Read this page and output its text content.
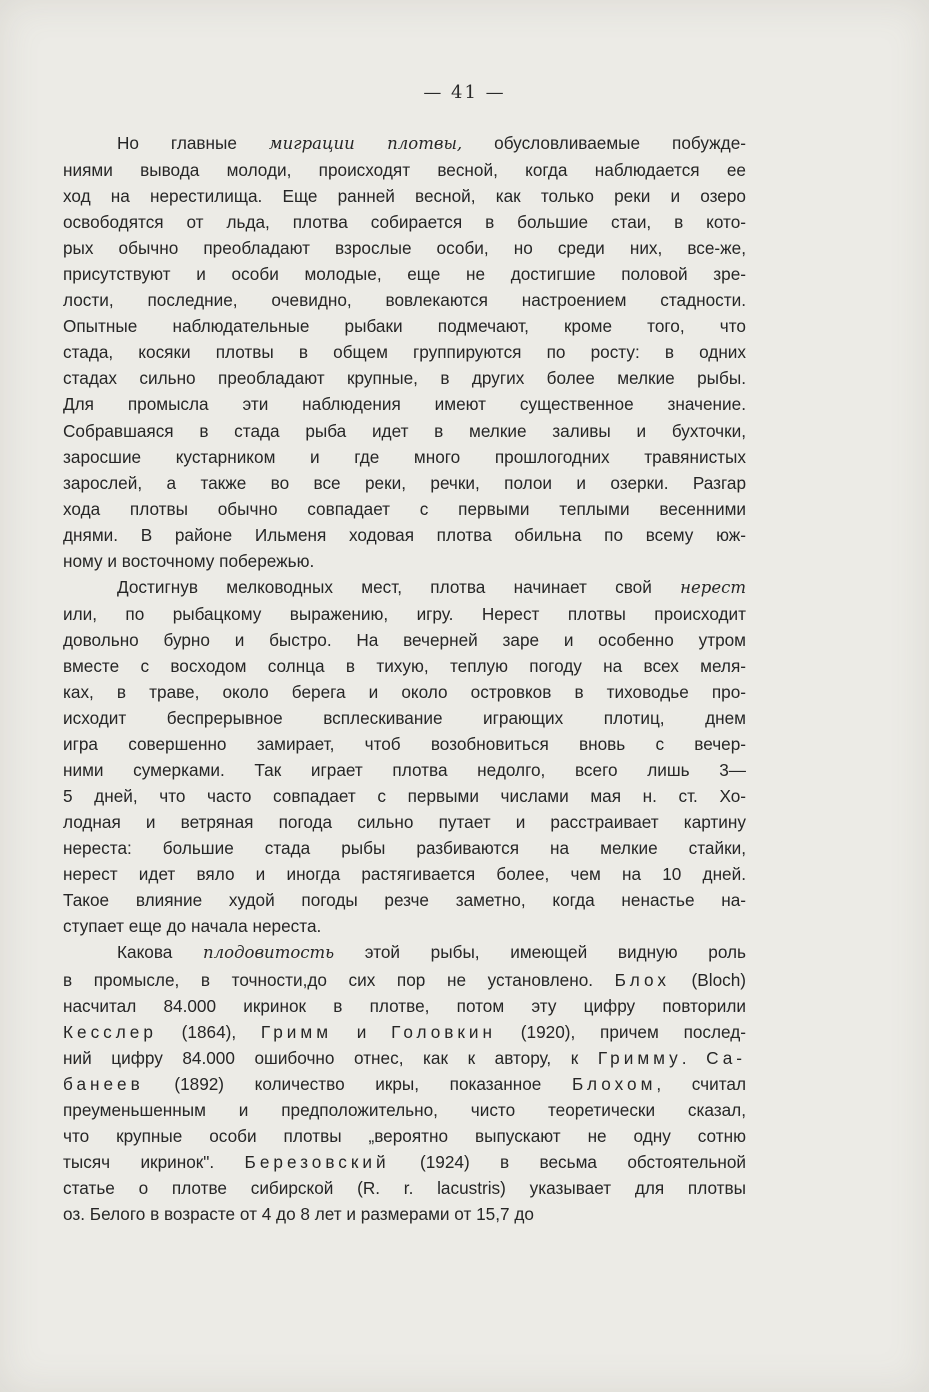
— 41 —

Но главные миграции плотвы, обусловливаемые побужде-
ниями вывода молоди, происходят весной, когда наблюдается ее
ход на нерестилища. Еще ранней весной, как только реки и озеро
освободятся от льда, плотва собирается в большие стаи, в кото-
рых обычно преобладают взрослые особи, но среди них, все-же,
присутствуют и особи молодые, еще не достигшие половой зре-
лости, последние, очевидно, вовлекаются настроением стадности.
Опытные наблюдательные рыбаки подмечают, кроме того, что
стада, косяки плотвы в общем группируются по росту: в одних
стадах сильно преобладают крупные, в других более мелкие рыбы.
Для промысла эти наблюдения имеют существенное значение.
Собравшаяся в стада рыба идет в мелкие заливы и бухточки,
заросшие кустарником и где много прошлогодних травянистых
зарослей, а также во все реки, речки, полои и озерки. Разгар
хода плотвы обычно совпадает с первыми теплыми весенними
днями. В районе Ильменя ходовая плотва обильна по всему юж-
ному и восточному побережью.

Достигнув мелководных мест, плотва начинает свой нерест
или, по рыбацкому выражению, игру. Нерест плотвы происходит
довольно бурно и быстро. На вечерней заре и особенно утром
вместе с восходом солнца в тихую, теплую погоду на всех меля-
ках, в траве, около берега и около островков в тиховодье про-
исходит беспрерывное всплескивание играющих плотиц, днем
игра совершенно замирает, чтоб возобновиться вновь с вечер-
ними сумерками. Так играет плотва недолго, всего лишь 3—
5 дней, что часто совпадает с первыми числами мая н. ст. Хо-
лодная и ветряная погода сильно путает и расстраивает картину
нереста: большие стада рыбы разбиваются на мелкие стайки,
нерест идет вяло и иногда растягивается более, чем на 10 дней.
Такое влияние худой погоды резче заметно, когда ненастье на-
ступает еще до начала нереста.

Какова плодовитость этой рыбы, имеющей видную роль
в промысле, в точности,до сих пор не установлено. Блох (Bloch)
насчитал 84.000 икринок в плотве, потом эту цифру повторили
Кесслер (1864), Гримм и Головкин (1920), причем послед-
ний цифру 84.000 ошибочно отнес, как к автору, к Гримму. Са-
банеев (1892) количество икры, показанное Блохом, считал
преуменьшенным и предположительно, чисто теоретически сказал,
что крупные особи плотвы „вероятно выпускают не одну сотню
тысяч икринок". Березовский (1924) в весьма обстоятельной
статье о плотве сибирской (R. r. lacustris) указывает для плотвы
оз. Белого в возрасте от 4 до 8 лет и размерами от 15,7 до
